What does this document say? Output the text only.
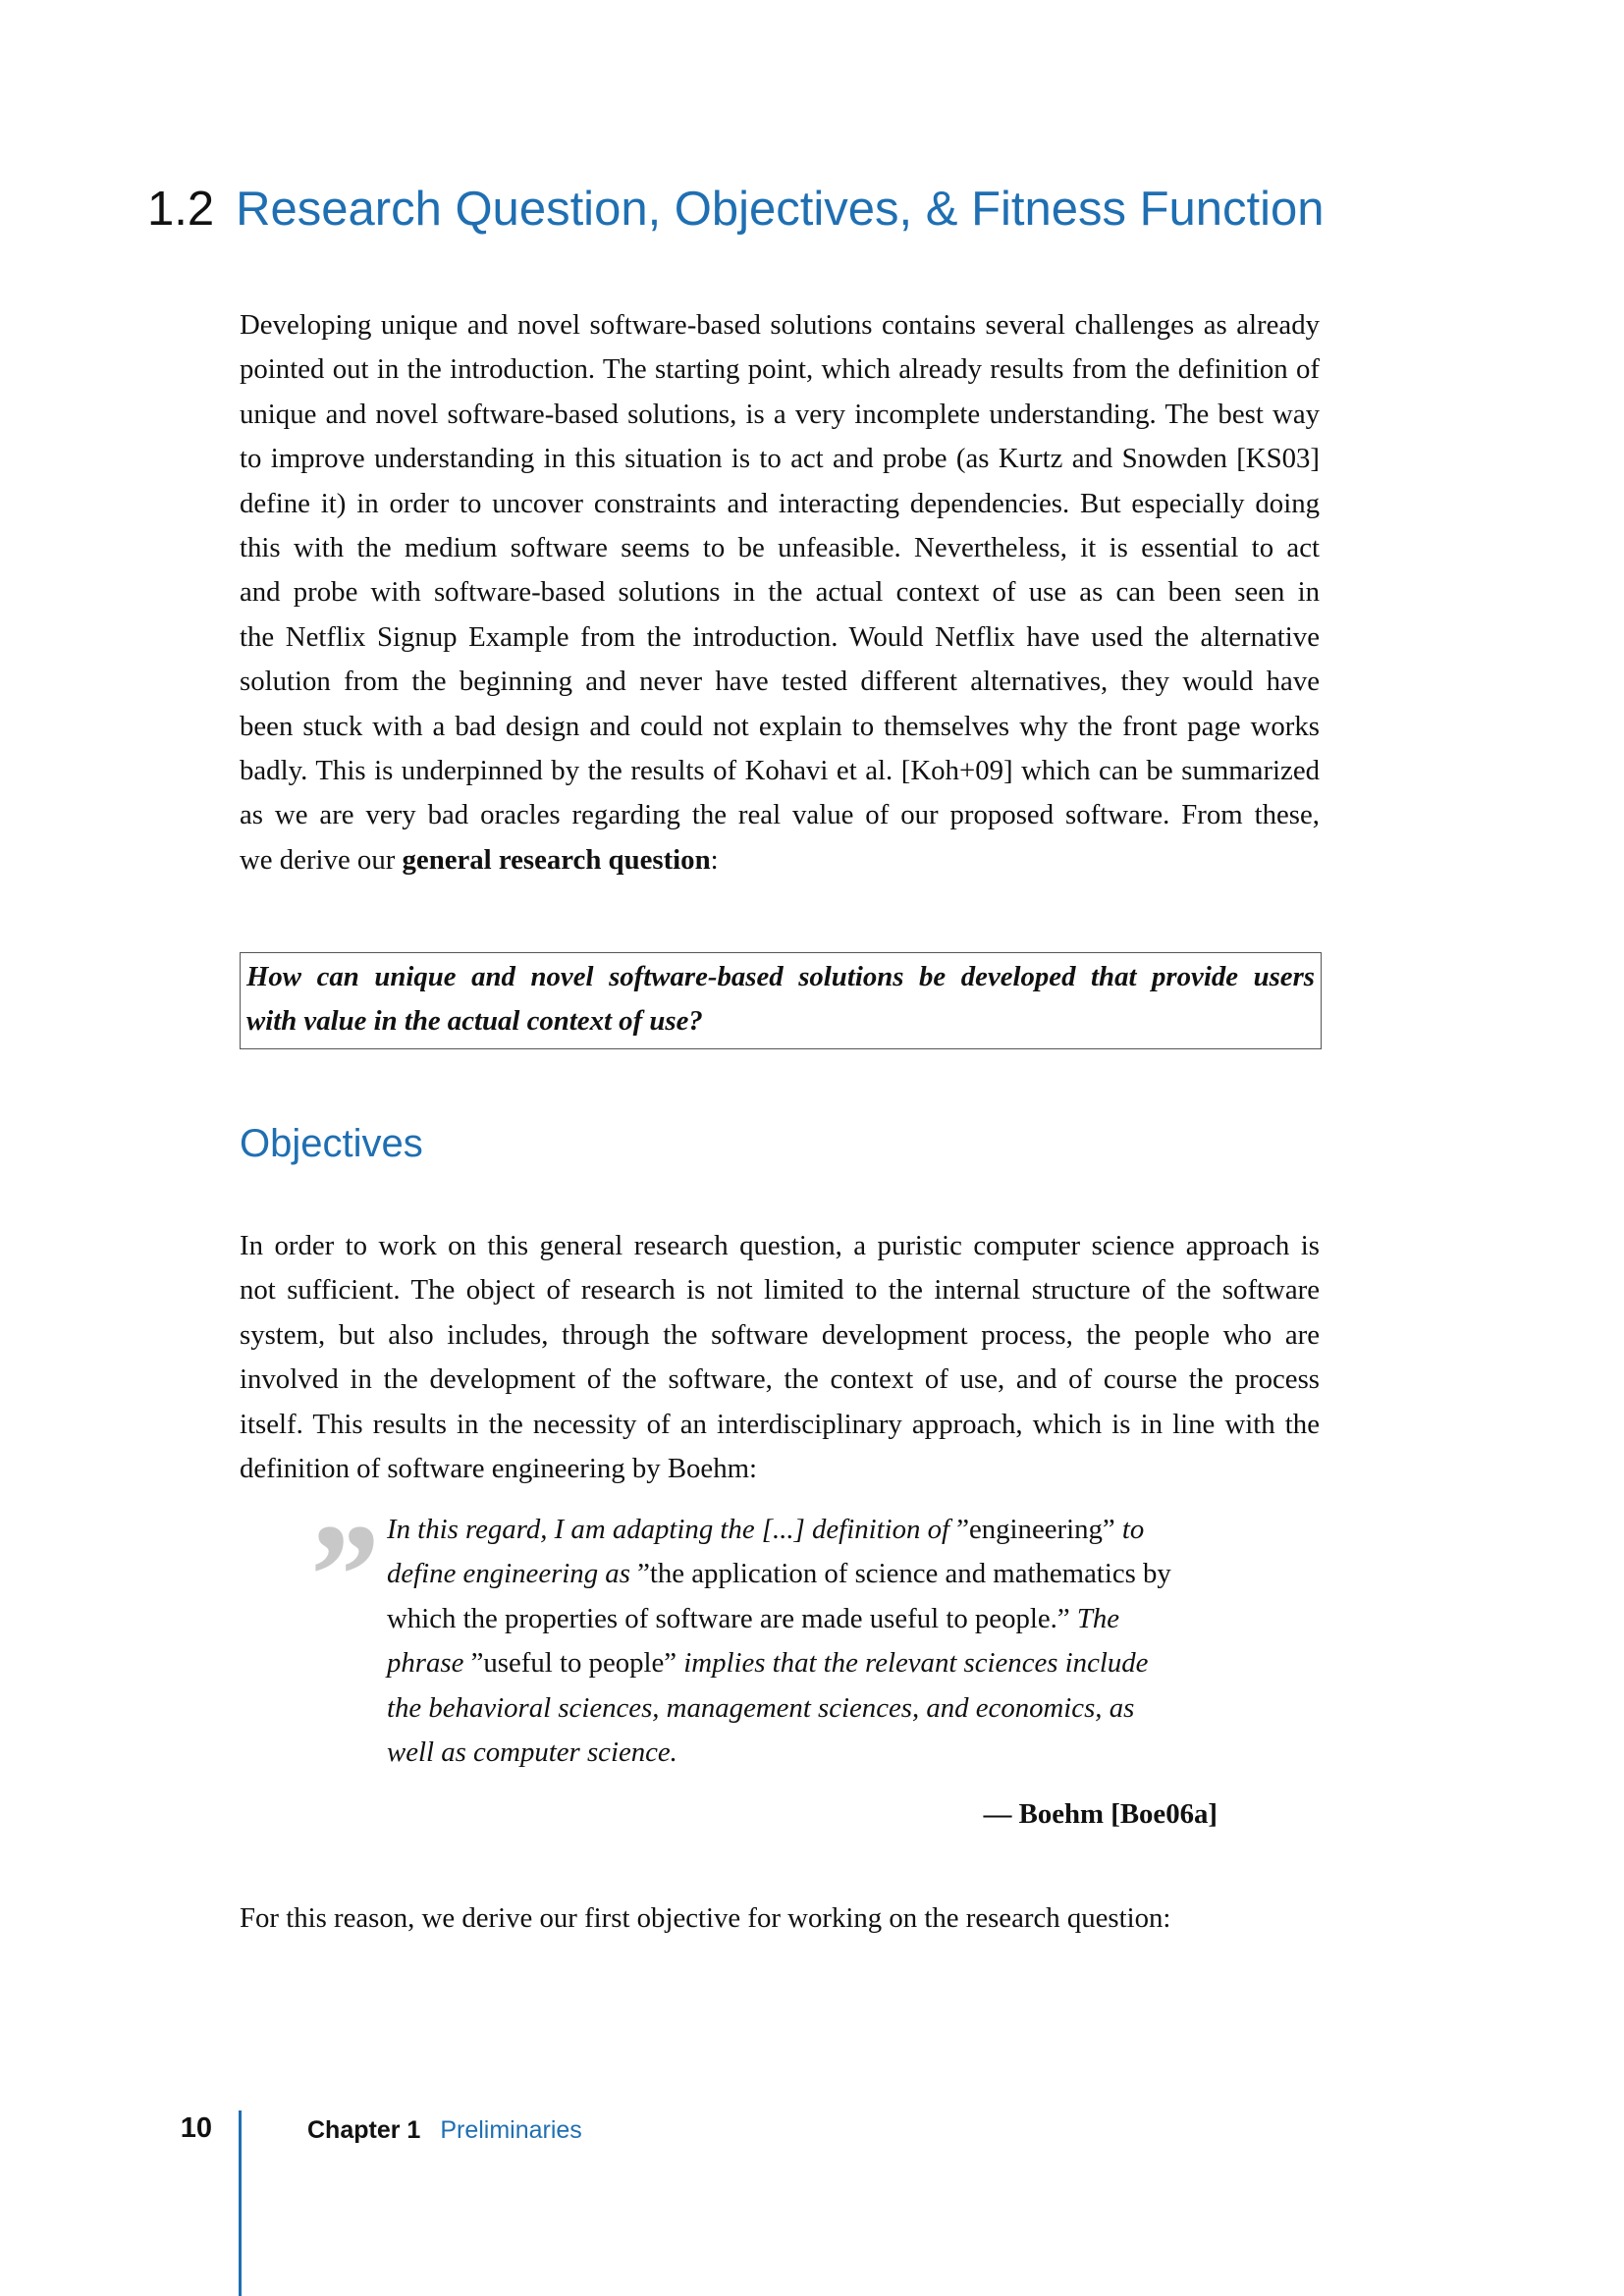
1.2 Research Question, Objectives, & Fitness Function
Developing unique and novel software-based solutions contains several challenges as already
pointed out in the introduction. The starting point, which already results from the definition of
unique and novel software-based solutions, is a very incomplete understanding. The best way
to improve understanding in this situation is to act and probe (as Kurtz and Snowden [KS03]
define it) in order to uncover constraints and interacting dependencies. But especially doing
this with the medium software seems to be unfeasible. Nevertheless, it is essential to act
and probe with software-based solutions in the actual context of use as can been seen in
the Netflix Signup Example from the introduction. Would Netflix have used the alternative
solution from the beginning and never have tested different alternatives, they would have
been stuck with a bad design and could not explain to themselves why the front page works
badly. This is underpinned by the results of Kohavi et al. [Koh+09] which can be summarized
as we are very bad oracles regarding the real value of our proposed software. From these,
we derive our general research question:
How can unique and novel software-based solutions be developed that provide users
with value in the actual context of use?
Objectives
In order to work on this general research question, a puristic computer science approach is
not sufficient. The object of research is not limited to the internal structure of the software
system, but also includes, through the software development process, the people who are
involved in the development of the software, the context of use, and of course the process
itself. This results in the necessity of an interdisciplinary approach, which is in line with the
definition of software engineering by Boehm:
” In this regard, I am adapting the [...] definition of ”engineering” to
define engineering as ”the application of science and mathematics by
which the properties of software are made useful to people.” The
phrase ”useful to people” implies that the relevant sciences include
the behavioral sciences, management sciences, and economics, as
well as computer science.
— Boehm [Boe06a]

For this reason, we derive our first objective for working on the research question:

10	Chapter 1 Preliminaries
